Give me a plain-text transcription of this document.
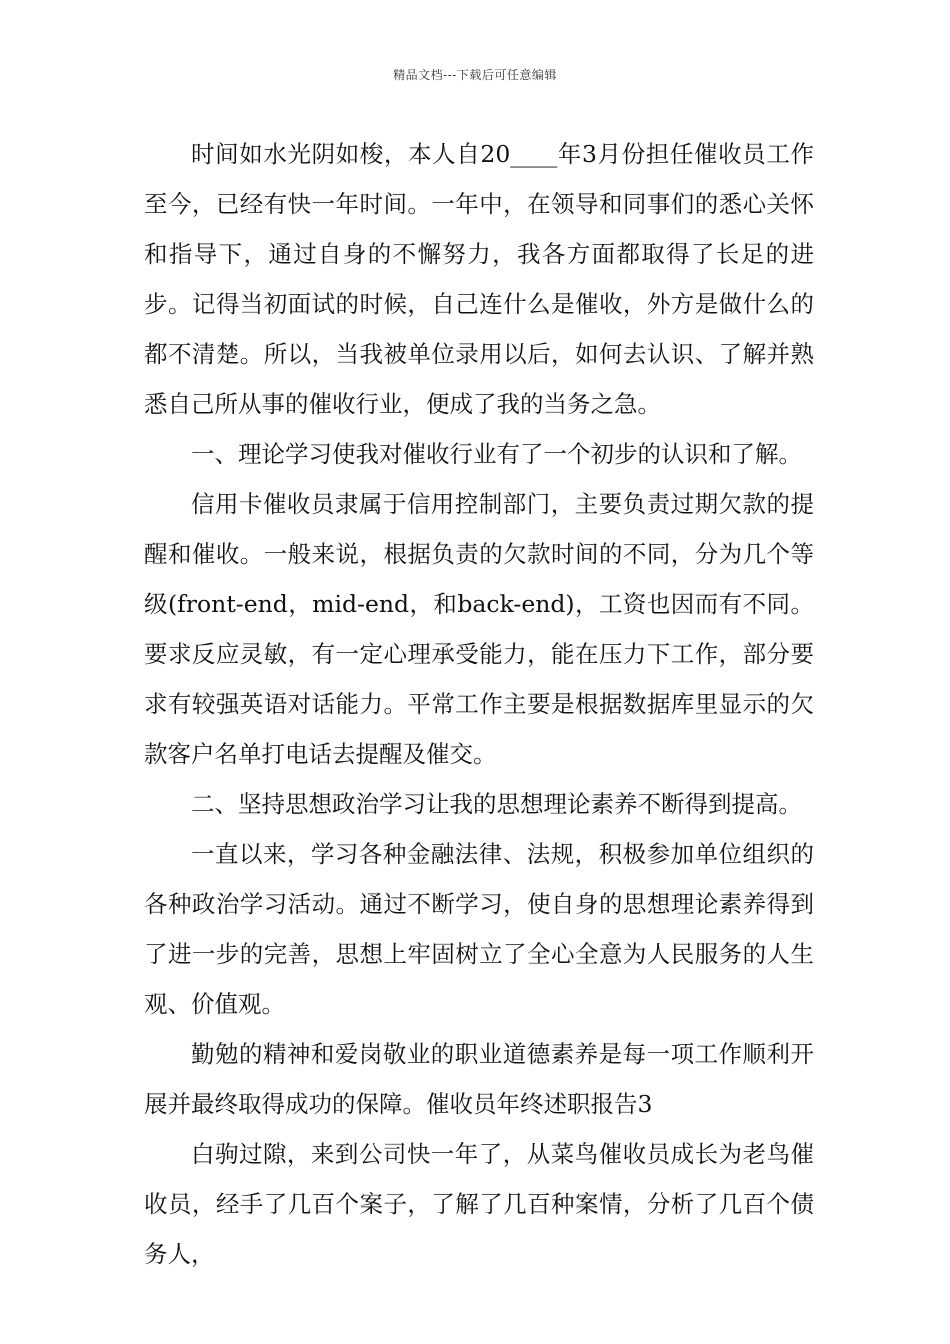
精品文档---下载后可任意编辑

时间如水光阴如梭，本人自20____年3月份担任催收员工作至今，已经有快一年时间。一年中，在领导和同事们的悉心关怀和指导下，通过自身的不懈努力，我各方面都取得了长足的进步。记得当初面试的时候，自己连什么是催收，外方是做什么的都不清楚。所以，当我被单位录用以后，如何去认识、了解并熟悉自己所从事的催收行业，便成了我的当务之急。

一、理论学习使我对催收行业有了一个初步的认识和了解。

信用卡催收员隶属于信用控制部门，主要负责过期欠款的提醒和催收。一般来说，根据负责的欠款时间的不同，分为几个等级(front-end，mid-end，和back-end)，工资也因而有不同。要求反应灵敏，有一定心理承受能力，能在压力下工作，部分要求有较强英语对话能力。平常工作主要是根据数据库里显示的欠款客户名单打电话去提醒及催交。

二、坚持思想政治学习让我的思想理论素养不断得到提高。

一直以来，学习各种金融法律、法规，积极参加单位组织的各种政治学习活动。通过不断学习，使自身的思想理论素养得到了进一步的完善，思想上牢固树立了全心全意为人民服务的人生观、价值观。

勤勉的精神和爱岗敬业的职业道德素养是每一项工作顺利开展并最终取得成功的保障。催收员年终述职报告3

白驹过隙，来到公司快一年了，从菜鸟催收员成长为老鸟催收员，经手了几百个案子，了解了几百种案情，分析了几百个债务人，
